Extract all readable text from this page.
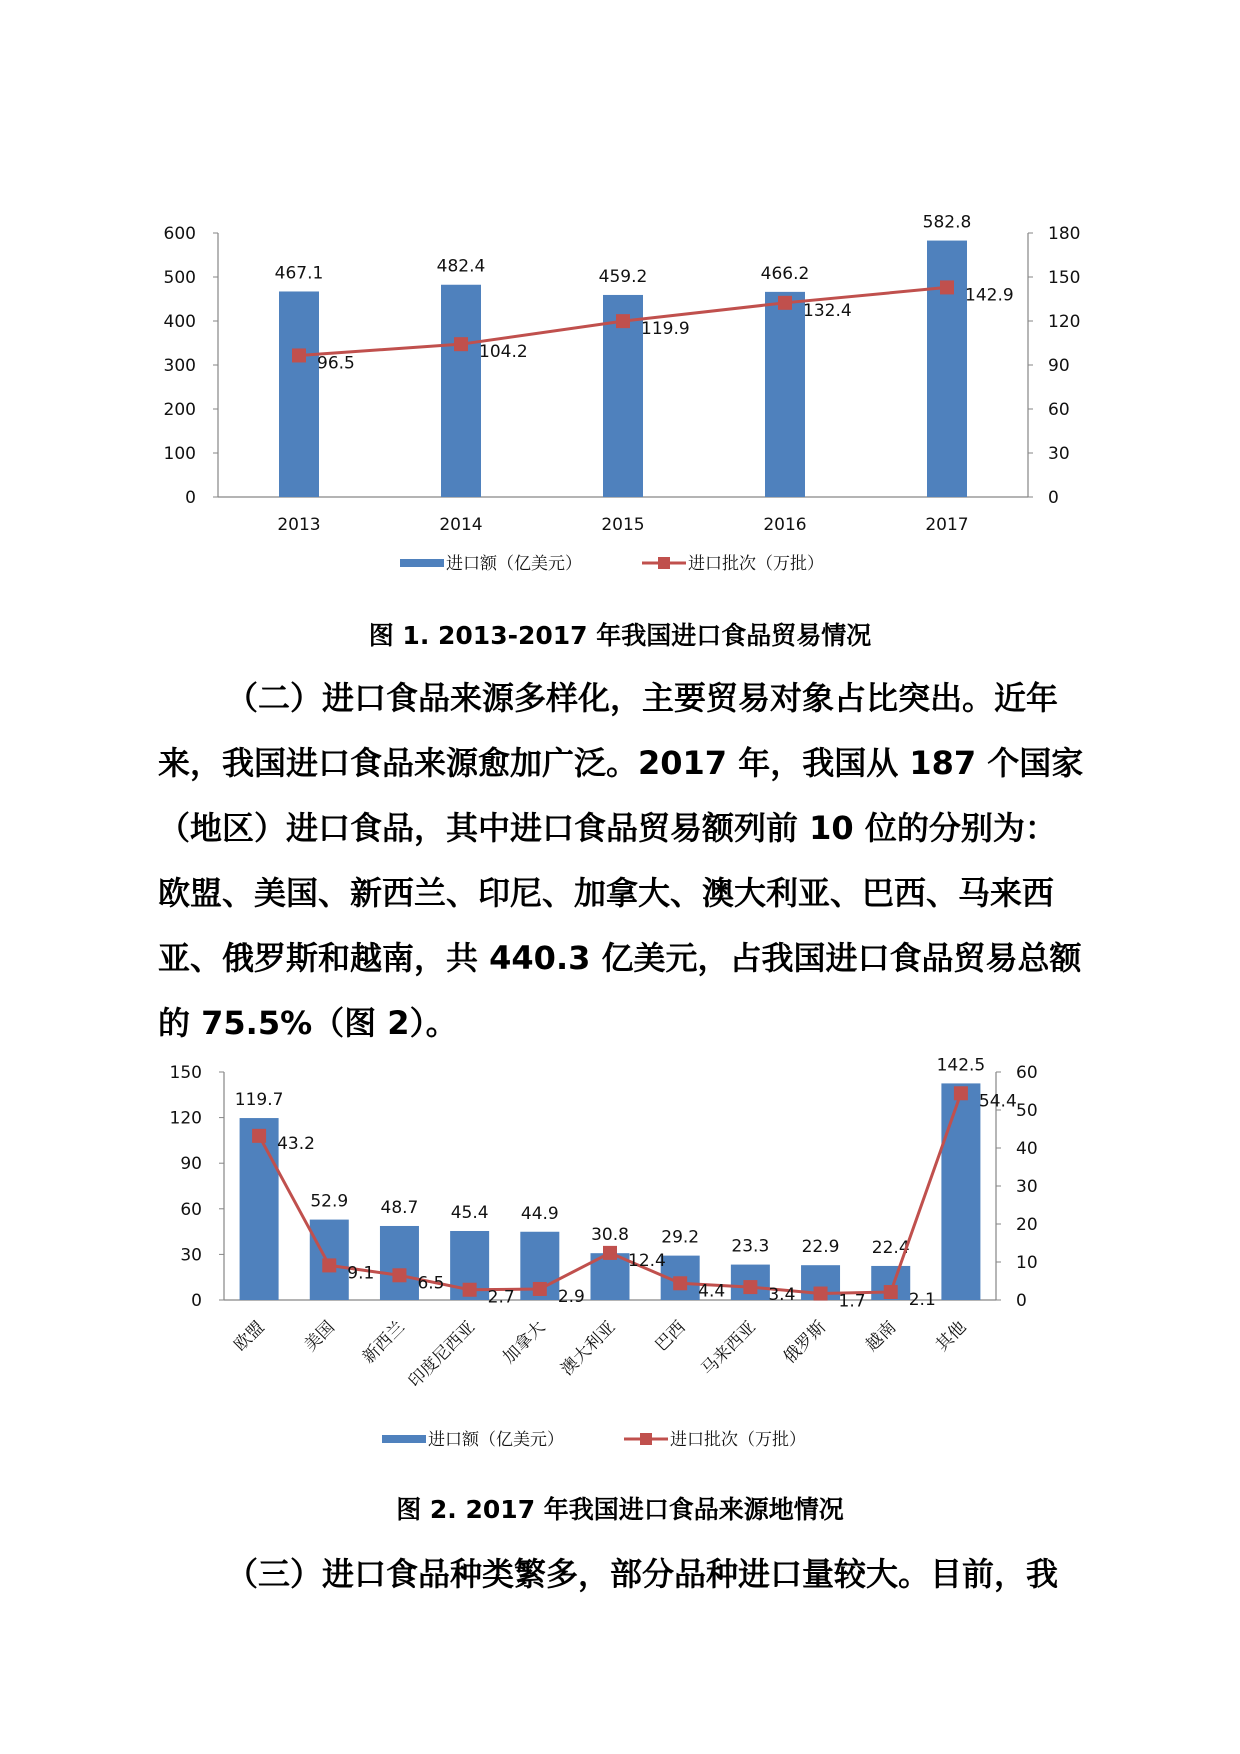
0
100
200
300
400
500
600
0
30
60
90
120
150
180
467.1	482.4
459.2	466.2
582.8
2013	2014	2015	2016	2017
96.5
104.2
119.9
132.4
142.9
进口额（亿美元）	进口批次（万批）
图 1. 2013-2017 年我国进口食品贸易情况
（二）进口食品来源多样化，主要贸易对象占比突出。近年
来，我国进口食品来源愈加广泛。2017 年，我国从 187 个国家
（地区）进口食品，其中进口食品贸易额列前 10 位的分别为：
欧盟、美国、新西兰、印尼、加拿大、澳大利亚、巴西、马来西
亚、俄罗斯和越南，共 440.3 亿美元，占我国进口食品贸易总额
的 75.5%（图 2）。
0
30
60
90
120
150
0
10
20
30
40
50
60
119.7
52.9 48.7 45.4 44.9
30.8 29.2 23.3 22.9 22.4
142.5
欧盟 美国 新西兰
印度尼西亚 加拿大 澳大利亚 巴西 马来西亚 俄罗斯 越南 其他
43.2
9.1	6.5
2.7	2.9
12.4
4.4	3.4	1.7	2.1
54.4
进口额（亿美元）	进口批次（万批）
图 2. 2017 年我国进口食品来源地情况
（三）进口食品种类繁多，部分品种进口量较大。目前，我
